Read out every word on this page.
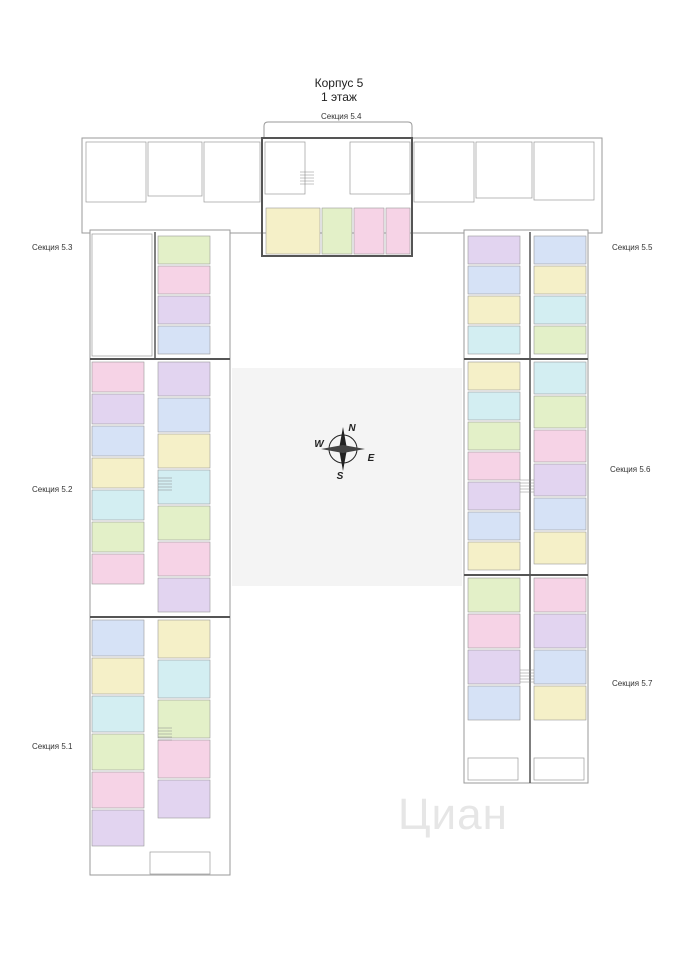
Корпус 5
1 этаж
N
S
E
W
Секция 5.3
Секция 5.4
Секция 5.5
Секция 5.2
Секция 5.6
Секция 5.1
Секция 5.7
Циан
